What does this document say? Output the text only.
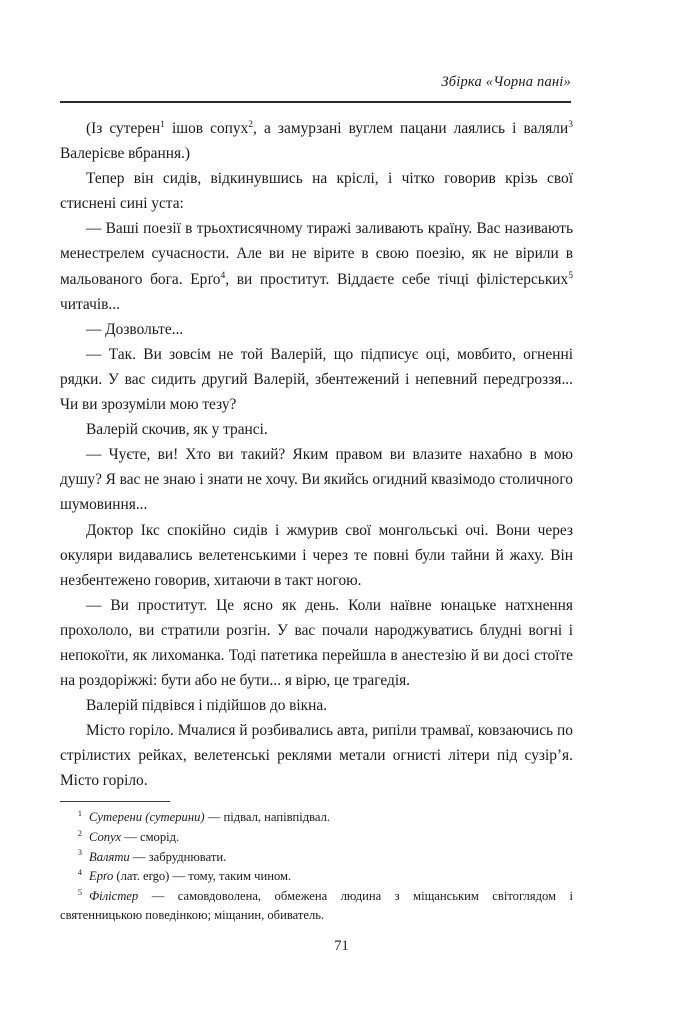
Збірка «Чорна пані»

(Із сутерен$^1$ ішов сопух$^2$, а замурзані вуглем пацани лаялись і валяли$^3$ Валерієве вбрання.)

Тепер він сидів, відкинувшись на кріслі, і чітко говорив крізь свої стиснені сині уста:

— Ваші поезії в трьохтисячному тиражі заливають країну. Вас називають менестрелем сучасности. Але ви не вірите в свою поезію, як не вірили в мальованого бога. Ерґо$^4$, ви проститут. Віддаєте себе тічці філістерських$^5$ читачів...

— Дозвольте...

— Так. Ви зовсім не той Валерій, що підписує оці, мовбито, огненні рядки. У вас сидить другий Валерій, збентежений і непевний передгроззя... Чи ви зрозуміли мою тезу?

Валерій скочив, як у трансі.

— Чуєте, ви! Хто ви такий? Яким правом ви влазите нахабно в мою душу? Я вас не знаю і знати не хочу. Ви якийсь огидний квазімодо столичного шумовиння...

Доктор Ікс спокійно сидів і жмурив свої монгольські очі. Вони через окуляри видавались велетенськими і через те повні були тайни й жаху. Він незбентежено говорив, хитаючи в такт ногою.

— Ви проститут. Це ясно як день. Коли наївне юнацьке натхнення прохололо, ви стратили розгін. У вас почали народжуватись блудні вогні і непокоїти, як лихоманка. Тоді патетика перейшла в анестезію й ви досі стоїте на роздоріжжі: бути або не бути... я вірю, це трагедія.

Валерій підвівся і підійшов до вікна.

Місто горіло. Мчалися й розбивались авта, рипіли трамваї, ковзаючись по стрілистих рейках, велетенські реклями метали огнисті літери під сузір’я. Місто горіло.

1 Сутерени (сутерини) — підвал, напівпідвал.

2 Сопух — сморід.

3 Валяти — забруднювати.

4 Ерґо (лат. ergo) — тому, таким чином.

5 Філістер — самовдоволена, обмежена людина з міщанським світоглядом і святенницькою поведінкою; міщанин, обиватель.

71
